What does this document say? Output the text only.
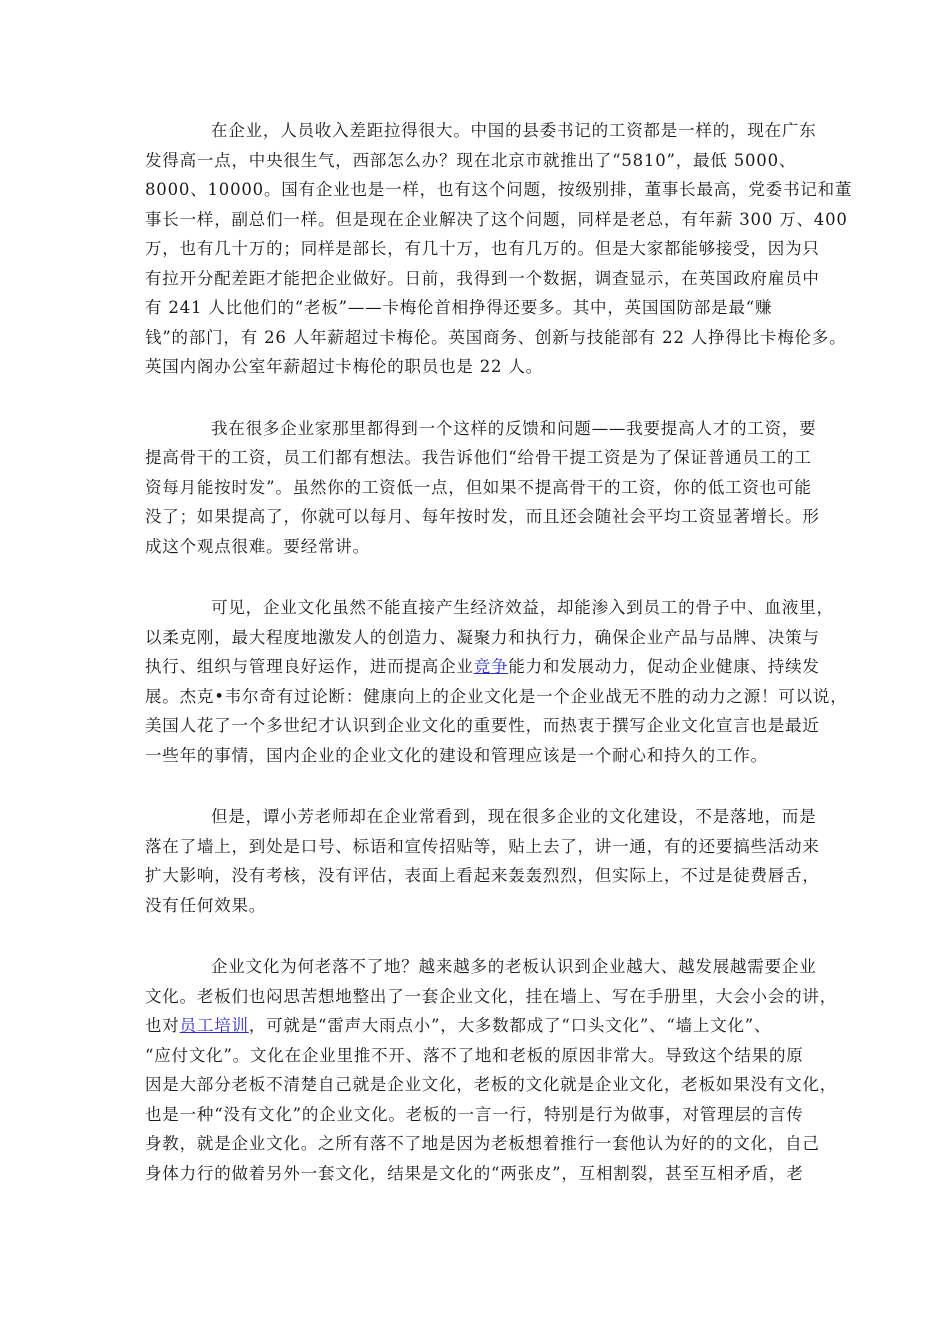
在企业，人员收入差距拉得很大。中国的县委书记的工资都是一样的，现在广东
发得高一点，中央很生气，西部怎么办？现在北京市就推出了“5810”，最低 5000、
8000、10000。国有企业也是一样，也有这个问题，按级别排，董事长最高，党委书记和董
事长一样，副总们一样。但是现在企业解决了这个问题，同样是老总，有年薪 300 万、400
万，也有几十万的；同样是部长，有几十万，也有几万的。但是大家都能够接受，因为只
有拉开分配差距才能把企业做好。日前，我得到一个数据，调查显示，在英国政府雇员中
有 241 人比他们的“老板”——卡梅伦首相挣得还要多。其中，英国国防部是最“赚
钱”的部门，有 26 人年薪超过卡梅伦。英国商务、创新与技能部有 22 人挣得比卡梅伦多。
英国内阁办公室年薪超过卡梅伦的职员也是 22 人。

我在很多企业家那里都得到一个这样的反馈和问题——我要提高人才的工资，要
提高骨干的工资，员工们都有想法。我告诉他们“给骨干提工资是为了保证普通员工的工
资每月能按时发”。虽然你的工资低一点，但如果不提高骨干的工资，你的低工资也可能
没了；如果提高了，你就可以每月、每年按时发，而且还会随社会平均工资显著增长。形
成这个观点很难。要经常讲。

可见，企业文化虽然不能直接产生经济效益，却能渗入到员工的骨子中、血液里，
以柔克刚，最大程度地激发人的创造力、凝聚力和执行力，确保企业产品与品牌、决策与
执行、组织与管理良好运作，进而提高企业竞争能力和发展动力，促动企业健康、持续发
展。杰克•韦尔奇有过论断：健康向上的企业文化是一个企业战无不胜的动力之源！可以说，
美国人花了一个多世纪才认识到企业文化的重要性，而热衷于撰写企业文化宣言也是最近
一些年的事情，国内企业的企业文化的建设和管理应该是一个耐心和持久的工作。

但是，谭小芳老师却在企业常看到，现在很多企业的文化建设，不是落地，而是
落在了墙上，到处是口号、标语和宣传招贴等，贴上去了，讲一通，有的还要搞些活动来
扩大影响，没有考核，没有评估，表面上看起来轰轰烈烈，但实际上，不过是徒费唇舌，
没有任何效果。

企业文化为何老落不了地？越来越多的老板认识到企业越大、越发展越需要企业
文化。老板们也闷思苦想地整出了一套企业文化，挂在墙上、写在手册里，大会小会的讲，
也对员工培训，可就是“雷声大雨点小”，大多数都成了“口头文化”、“墙上文化”、
“应付文化”。文化在企业里推不开、落不了地和老板的原因非常大。导致这个结果的原
因是大部分老板不清楚自己就是企业文化，老板的文化就是企业文化，老板如果没有文化，
也是一种“没有文化”的企业文化。老板的一言一行，特别是行为做事，对管理层的言传
身教，就是企业文化。之所有落不了地是因为老板想着推行一套他认为好的的文化，自己
身体力行的做着另外一套文化，结果是文化的“两张皮”，互相割裂，甚至互相矛盾，老
